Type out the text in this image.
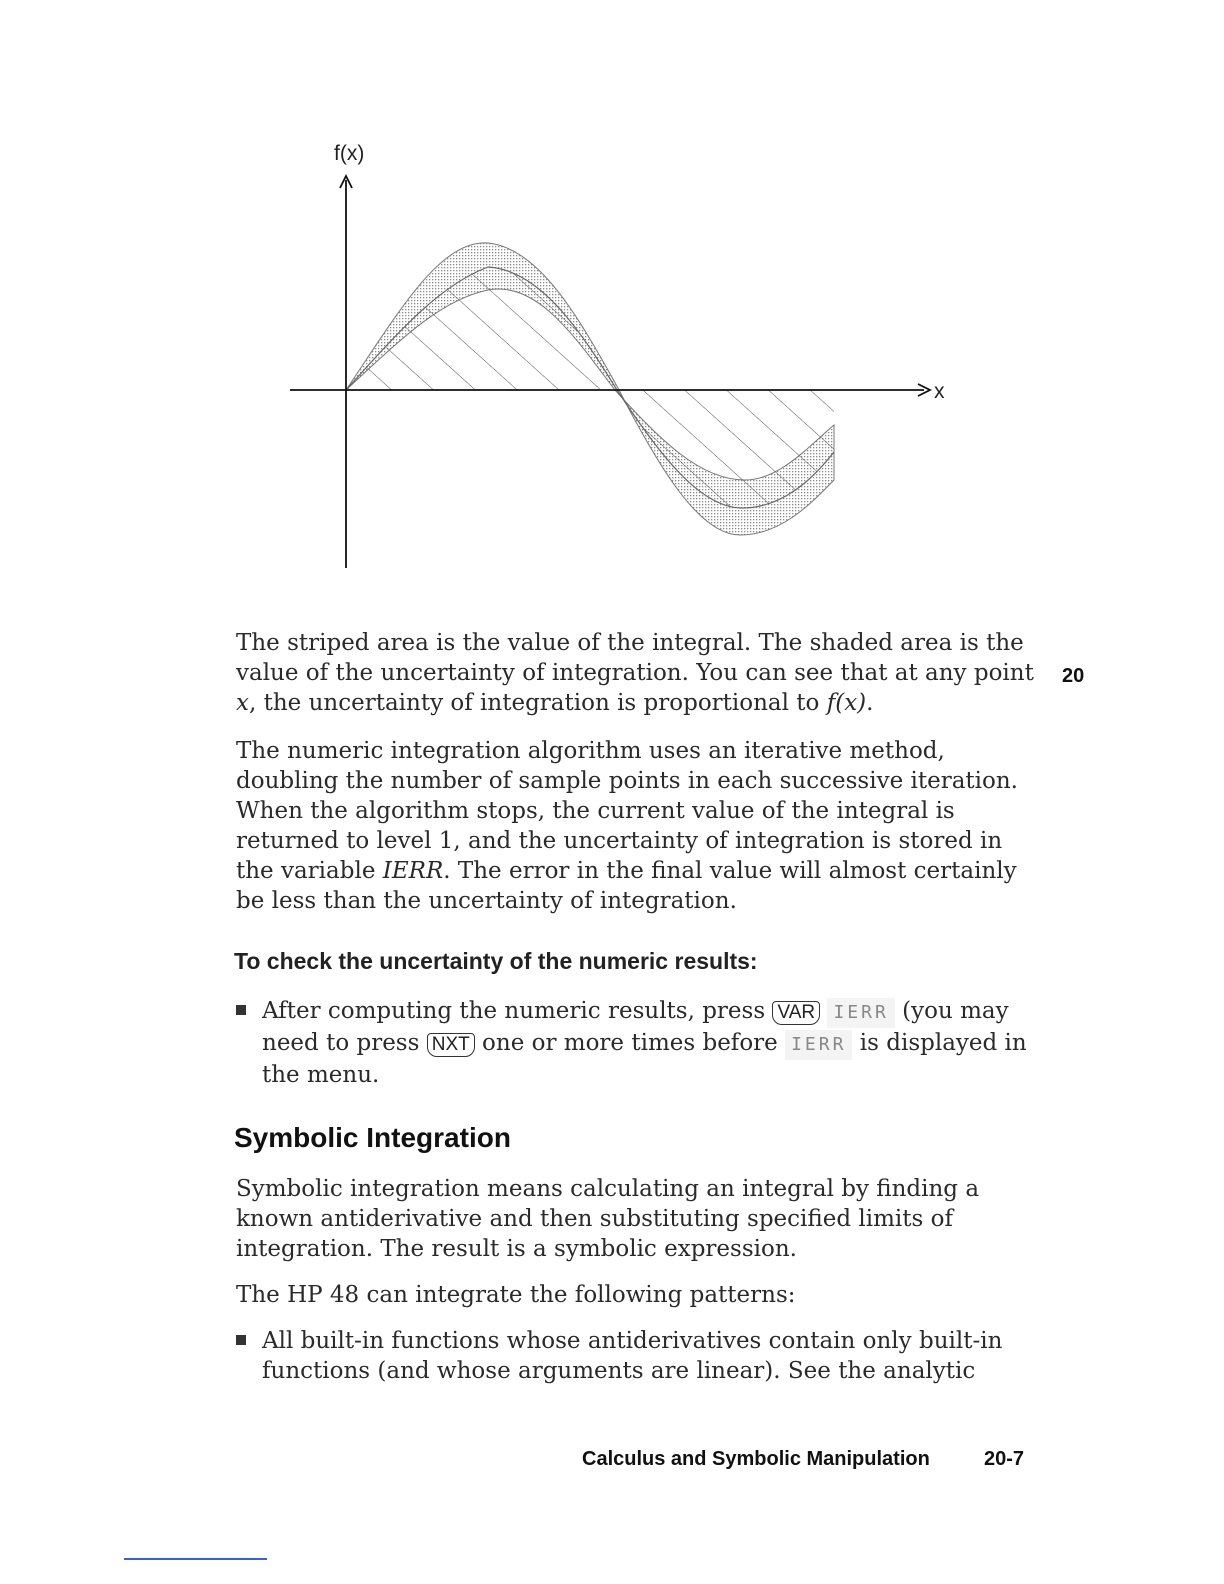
f(x)
x

The striped area is the value of the integral. The shaded area is the value of the uncertainty of integration. You can see that at any point x, the uncertainty of integration is proportional to f(x).

20

The numeric integration algorithm uses an iterative method, doubling the number of sample points in each successive iteration. When the algorithm stops, the current value of the integral is returned to level 1, and the uncertainty of integration is stored in the variable IERR. The error in the final value will almost certainly be less than the uncertainty of integration.

To check the uncertainty of the numeric results:
After computing the numeric results, press VAR IERR (you may need to press NXT one or more times before IERR is displayed in the menu.
Symbolic Integration

Symbolic integration means calculating an integral by finding a known antiderivative and then substituting specified limits of integration. The result is a symbolic expression.

The HP 48 can integrate the following patterns:

All built-in functions whose antiderivatives contain only built-in functions (and whose arguments are linear). See the analytic
Calculus and Symbolic Manipulation	20-7
